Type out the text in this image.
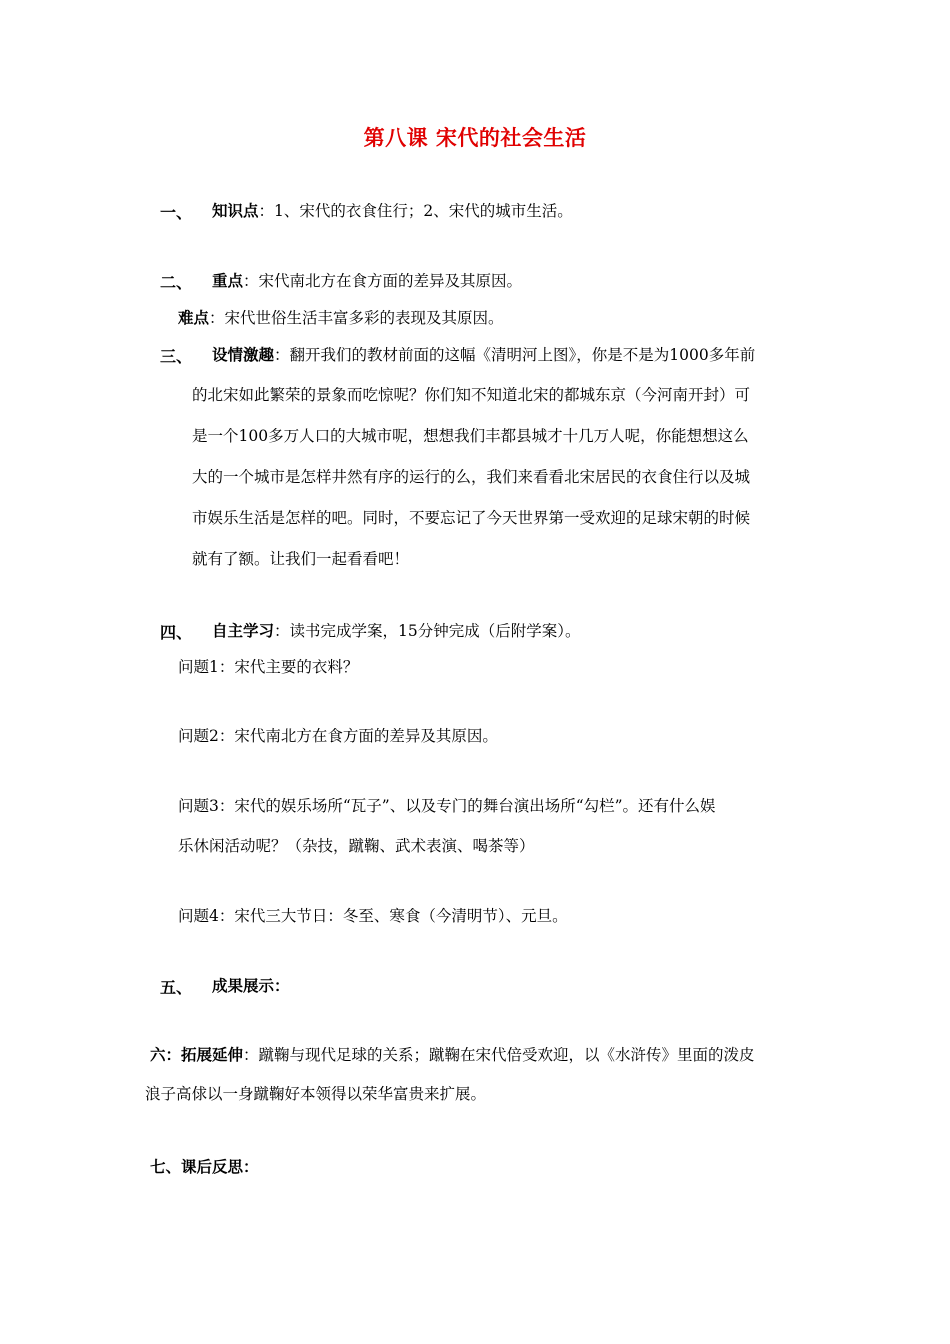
第八课 宋代的社会生活
一、 知识点：1、宋代的衣食住行；2、宋代的城市生活。
二、 重点：宋代南北方在食方面的差异及其原因。
难点：宋代世俗生活丰富多彩的表现及其原因。
三、 设情激趣：翻开我们的教材前面的这幅《清明河上图》，你是不是为1000多年前
的北宋如此繁荣的景象而吃惊呢？你们知不知道北宋的都城东京（今河南开封）可
是一个100多万人口的大城市呢，想想我们丰都县城才十几万人呢，你能想想这么
大的一个城市是怎样井然有序的运行的么，我们来看看北宋居民的衣食住行以及城
市娱乐生活是怎样的吧。同时，不要忘记了今天世界第一受欢迎的足球宋朝的时候
就有了额。让我们一起看看吧！
四、 自主学习：读书完成学案，15分钟完成（后附学案）。
问题1：宋代主要的衣料？
问题2：宋代南北方在食方面的差异及其原因。
问题3：宋代的娱乐场所“瓦子”、以及专门的舞台演出场所“勾栏”。还有什么娱
乐休闲活动呢？（杂技，蹴鞠、武术表演、喝茶等）
问题4：宋代三大节日：冬至、寒食（今清明节）、元旦。
五、 成果展示：
六：拓展延伸：蹴鞠与现代足球的关系；蹴鞠在宋代倍受欢迎，以《水浒传》里面的泼皮
浪子高俅以一身蹴鞠好本领得以荣华富贵来扩展。
七、课后反思：
